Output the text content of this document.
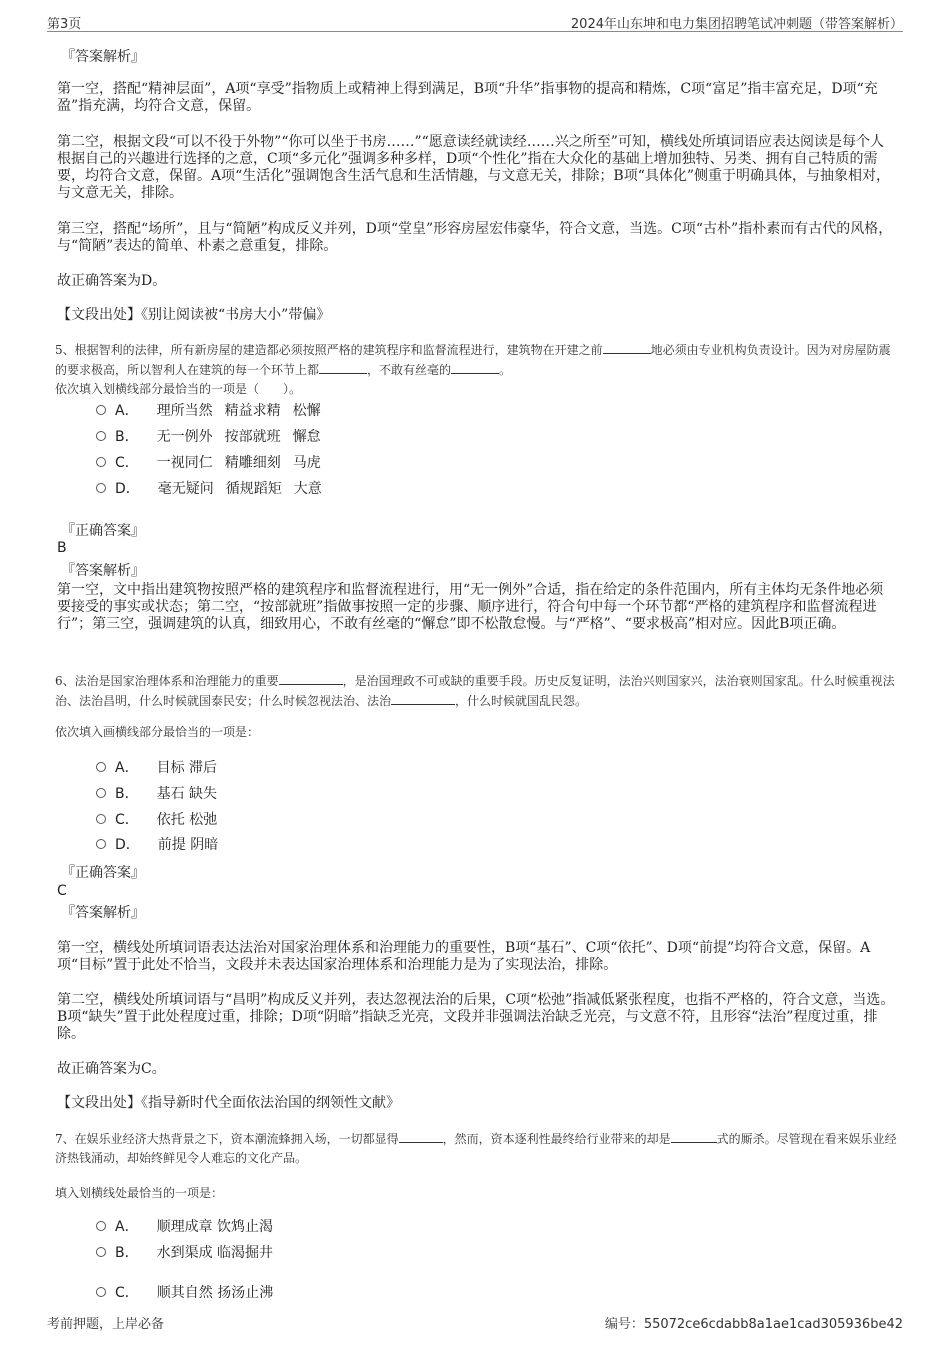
第3页	2024年山东坤和电力集团招聘笔试冲刺题（带答案解析）
『答案解析』
第一空，搭配“精神层面”，A项“享受”指物质上或精神上得到满足，B项“升华”指事物的提高和精炼，C项“富足”指丰富充足，D项“充盈”指充满，均符合文意，保留。
第二空，根据文段“可以不役于外物”“你可以坐于书房……”“愿意读经就读经……兴之所至”可知，横线处所填词语应表达阅读是每个人根据自己的兴趣进行选择的之意，C项“多元化”强调多种多样，D项“个性化”指在大众化的基础上增加独特、另类、拥有自己特质的需要，均符合文意，保留。A项“生活化”强调饱含生活气息和生活情趣，与文意无关，排除；B项“具体化”侧重于明确具体，与抽象相对，与文意无关，排除。
第三空，搭配“场所”，且与“简陋”构成反义并列，D项“堂皇”形容房屋宏伟豪华，符合文意，当选。C项“古朴”指朴素而有古代的风格，与“简陋”表达的简单、朴素之意重复，排除。
故正确答案为D。
【文段出处】《别让阅读被“书房大小”带偏》
5、根据智利的法律，所有新房屋的建造都必须按照严格的建筑程序和监督流程进行，建筑物在开建之前	地必须由专业机构负责设计。因为对房屋防震的要求极高，所以智利人在建筑的每一个环节上都	，不敢有丝毫的	。
依次填入划横线部分最恰当的一项是（　　）。
A． 理所当然 精益求精 松懈
B． 无一例外 按部就班 懈怠
C． 一视同仁 精雕细刻 马虎
D． 毫无疑问 循规蹈矩 大意
『正确答案』
B
『答案解析』
第一空，文中指出建筑物按照严格的建筑程序和监督流程进行，用“无一例外”合适，指在给定的条件范围内，所有主体均无条件地必须要接受的事实或状态；第二空，“按部就班”指做事按照一定的步骤、顺序进行，符合句中每一个环节都“严格的建筑程序和监督流程进行”；第三空，强调建筑的认真，细致用心，不敢有丝毫的“懈怠”即不松散怠慢。与“严格”、“要求极高”相对应。因此B项正确。
6、法治是国家治理体系和治理能力的重要	，是治国理政不可或缺的重要手段。历史反复证明，法治兴则国家兴，法治衰则国家乱。什么时候重视法治、法治昌明，什么时候就国泰民安；什么时候忽视法治、法治	，什么时候就国乱民怨。
依次填入画横线部分最恰当的一项是：
A． 目标 滞后
B． 基石 缺失
C． 依托 松弛
D． 前提 阴暗
『正确答案』
C
『答案解析』
第一空，横线处所填词语表达法治对国家治理体系和治理能力的重要性，B项“基石”、C项“依托”、D项“前提”均符合文意，保留。A项“目标”置于此处不恰当，文段并未表达国家治理体系和治理能力是为了实现法治，排除。
第二空，横线处所填词语与“昌明”构成反义并列，表达忽视法治的后果，C项“松弛”指减低紧张程度，也指不严格的，符合文意，当选。B项“缺失”置于此处程度过重，排除；D项“阴暗”指缺乏光亮，文段并非强调法治缺乏光亮，与文意不符，且形容“法治”程度过重，排除。
故正确答案为C。
【文段出处】《指导新时代全面依法治国的纲领性文献》
7、在娱乐业经济大热背景之下，资本潮流蜂拥入场，一切都显得	，然而，资本逐利性最终给行业带来的却是	式的厮杀。尽管现在看来娱乐业经济热钱涌动，却始终鲜见令人难忘的文化产品。
填入划横线处最恰当的一项是：
A． 顺理成章 饮鸩止渴
B． 水到渠成 临渴掘井
C． 顺其自然 扬汤止沸
考前押题，上岸必备	编号：55072ce6cdabb8a1ae1cad305936be42
